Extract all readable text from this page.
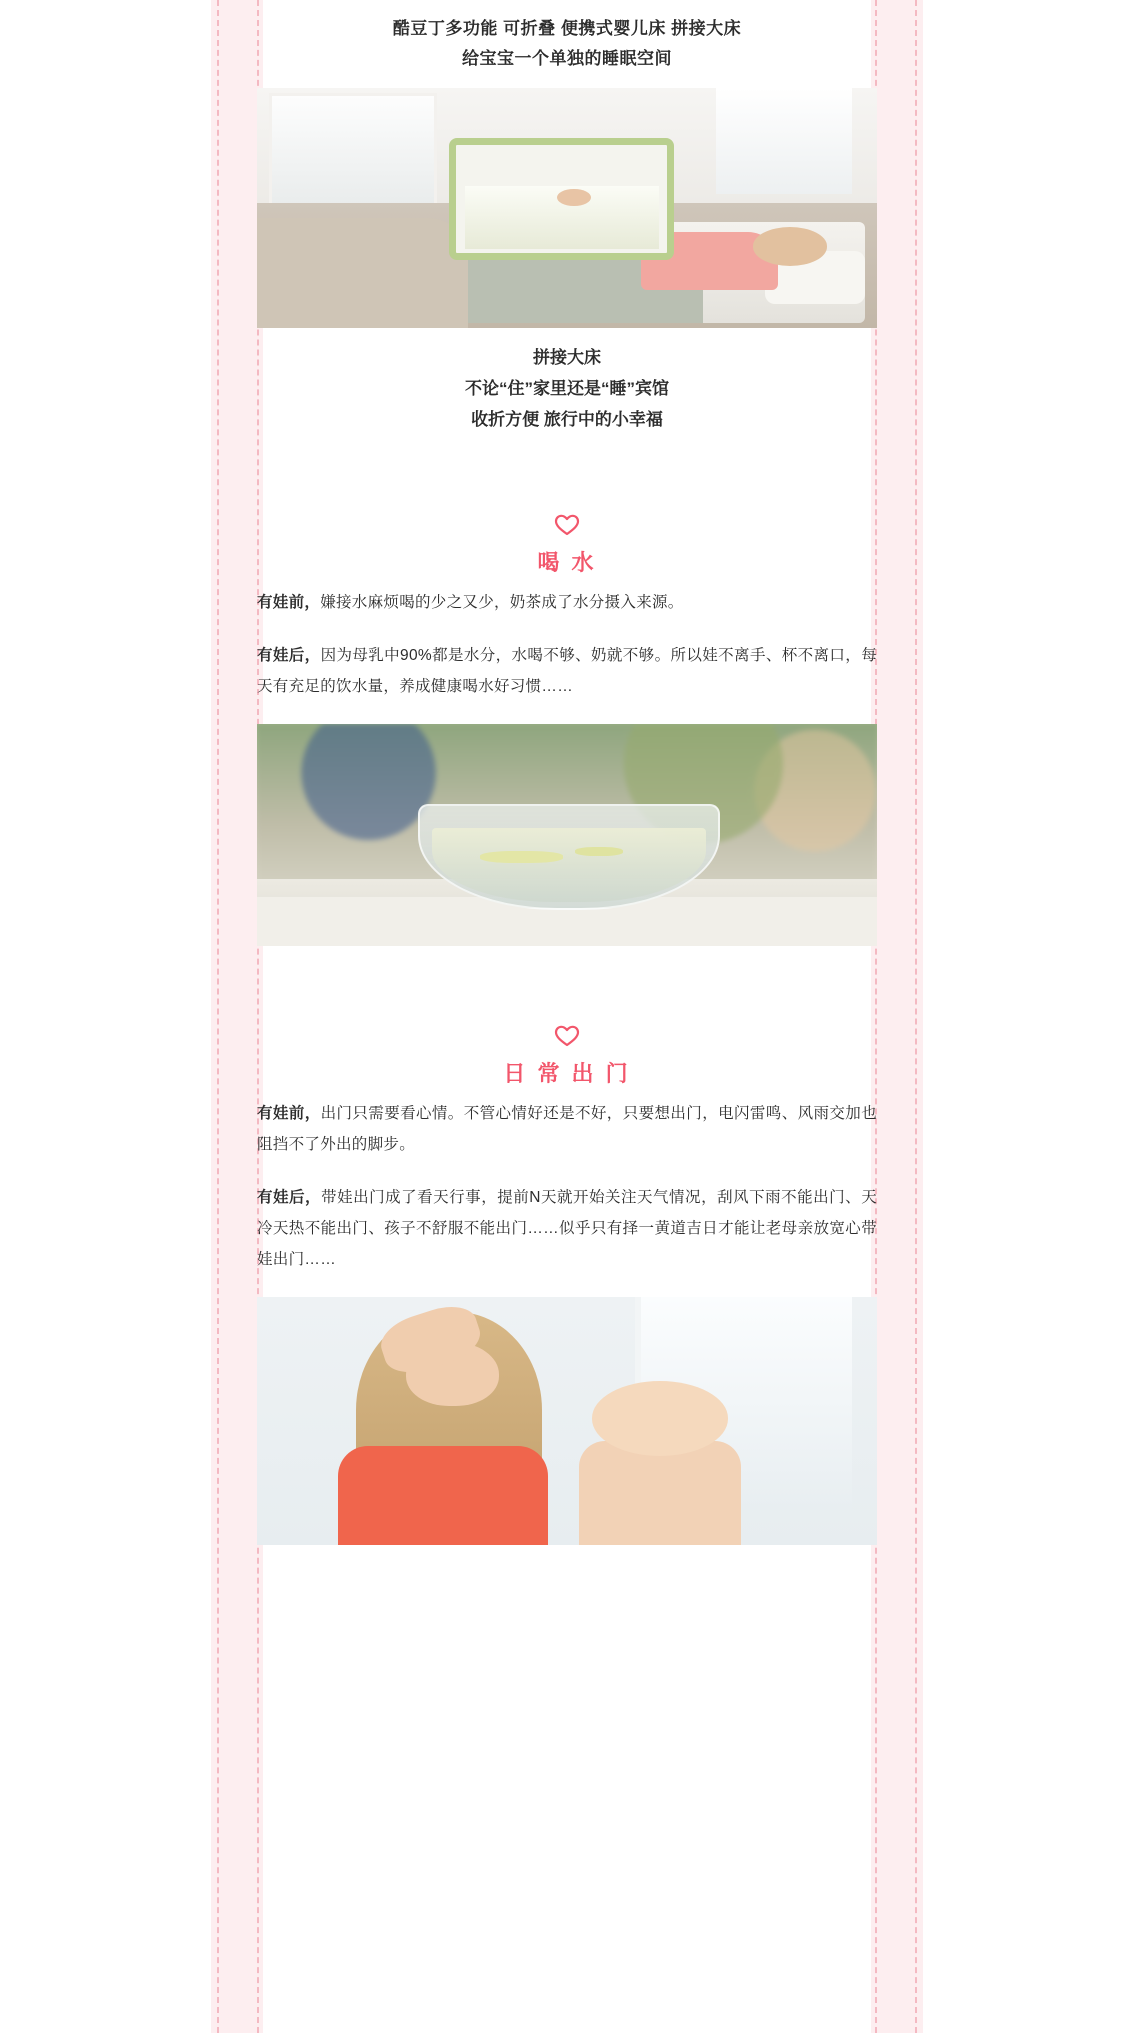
酷豆丁多功能 可折叠 便携式婴儿床 拼接大床
给宝宝一个单独的睡眠空间
拼接大床
不论“住”家里还是“睡”宾馆
收折方便 旅行中的小幸福
喝 水

有娃前，嫌接水麻烦喝的少之又少，奶茶成了水分摄入来源。

有娃后，因为母乳中90%都是水分，水喝不够、奶就不够。所以娃不离手、杯不离口，每天有充足的饮水量，养成健康喝水好习惯……

日 常 出 门

有娃前，出门只需要看心情。不管心情好还是不好，只要想出门，电闪雷鸣、风雨交加也阻挡不了外出的脚步。

有娃后，带娃出门成了看天行事，提前N天就开始关注天气情况，刮风下雨不能出门、天冷天热不能出门、孩子不舒服不能出门……似乎只有择一黄道吉日才能让老母亲放宽心带娃出门……
